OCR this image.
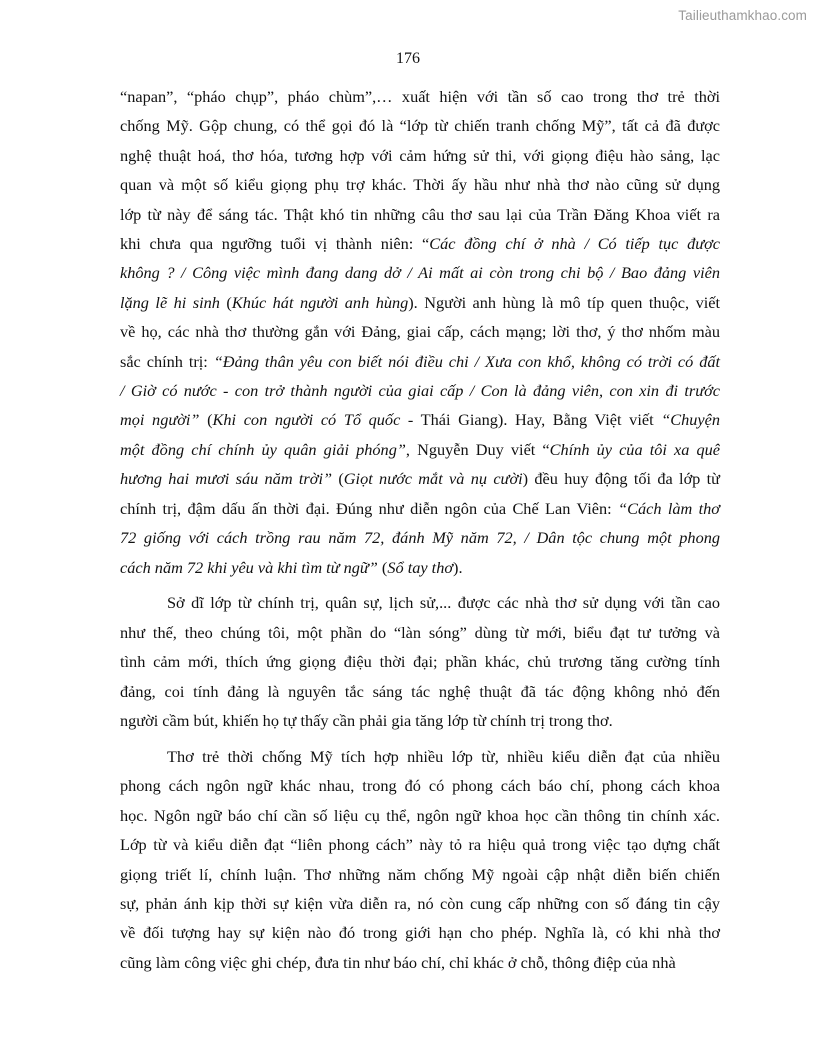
Tailieuthamkhao.com
176
“napan”, “pháo chụp”, pháo chùm”,… xuất hiện với tần số cao trong thơ trẻ thời
chống Mỹ. Gộp chung, có thể gọi đó là “lớp từ chiến tranh chống Mỹ”, tất cả đã được
nghệ thuật hoá, thơ hóa, tương hợp với cảm hứng sử thi, với giọng điệu hào sảng, lạc
quan và một số kiểu giọng phụ trợ khác. Thời ấy hầu như nhà thơ nào cũng sử dụng
lớp từ này để sáng tác. Thật khó tin những câu thơ sau lại của Trần Đăng Khoa viết ra
khi chưa qua ngưỡng tuổi vị thành niên: “Các đồng chí ở nhà / Có tiếp tục được
không ? / Công việc mình đang dang dở / Ai mất ai còn trong chi bộ / Bao đảng viên
lặng lẽ hi sinh (Khúc hát người anh hùng). Người anh hùng là mô típ quen thuộc, viết
về họ, các nhà thơ thường gắn với Đảng, giai cấp, cách mạng; lời thơ, ý thơ nhốm màu
sắc chính trị: “Đảng thân yêu con biết nói điều chi / Xưa con khổ, không có trời có đất
/ Giờ có nước - con trở thành người của giai cấp / Con là đảng viên, con xin đi trước
mọi người” (Khi con người có Tổ quốc - Thái Giang). Hay, Bằng Việt viết “Chuyện
một đồng chí chính ủy quân giải phóng”, Nguyễn Duy viết “Chính ủy của tôi xa quê
hương hai mươi sáu năm trời” (Giọt nước mắt và nụ cười) đều huy động tối đa lớp từ
chính trị, đậm dấu ấn thời đại. Đúng như diễn ngôn của Chế Lan Viên: “Cách làm thơ
72 giống với cách trồng rau năm 72, đánh Mỹ năm 72, / Dân tộc chung một phong
cách năm 72 khi yêu và khi tìm từ ngữ” (Sổ tay thơ).
Sở dĩ lớp từ chính trị, quân sự, lịch sử,... được các nhà thơ sử dụng với tần cao
như thế, theo chúng tôi, một phần do “làn sóng” dùng từ mới, biểu đạt tư tưởng và
tình cảm mới, thích ứng giọng điệu thời đại; phần khác, chủ trương tăng cường tính
đảng, coi tính đảng là nguyên tắc sáng tác nghệ thuật đã tác động không nhỏ đến
người cầm bút, khiến họ tự thấy cần phải gia tăng lớp từ chính trị trong thơ.
Thơ trẻ thời chống Mỹ tích hợp nhiều lớp từ, nhiều kiểu diễn đạt của nhiều
phong cách ngôn ngữ khác nhau, trong đó có phong cách báo chí, phong cách khoa
học. Ngôn ngữ báo chí cần số liệu cụ thể, ngôn ngữ khoa học cần thông tin chính xác.
Lớp từ và kiểu diễn đạt “liên phong cách” này tỏ ra hiệu quả trong việc tạo dựng chất
giọng triết lí, chính luận. Thơ những năm chống Mỹ ngoài cập nhật diễn biến chiến
sự, phản ánh kịp thời sự kiện vừa diễn ra, nó còn cung cấp những con số đáng tin cậy
về đối tượng hay sự kiện nào đó trong giới hạn cho phép. Nghĩa là, có khi nhà thơ
cũng làm công việc ghi chép, đưa tin như báo chí, chỉ khác ở chỗ, thông điệp của nhà
